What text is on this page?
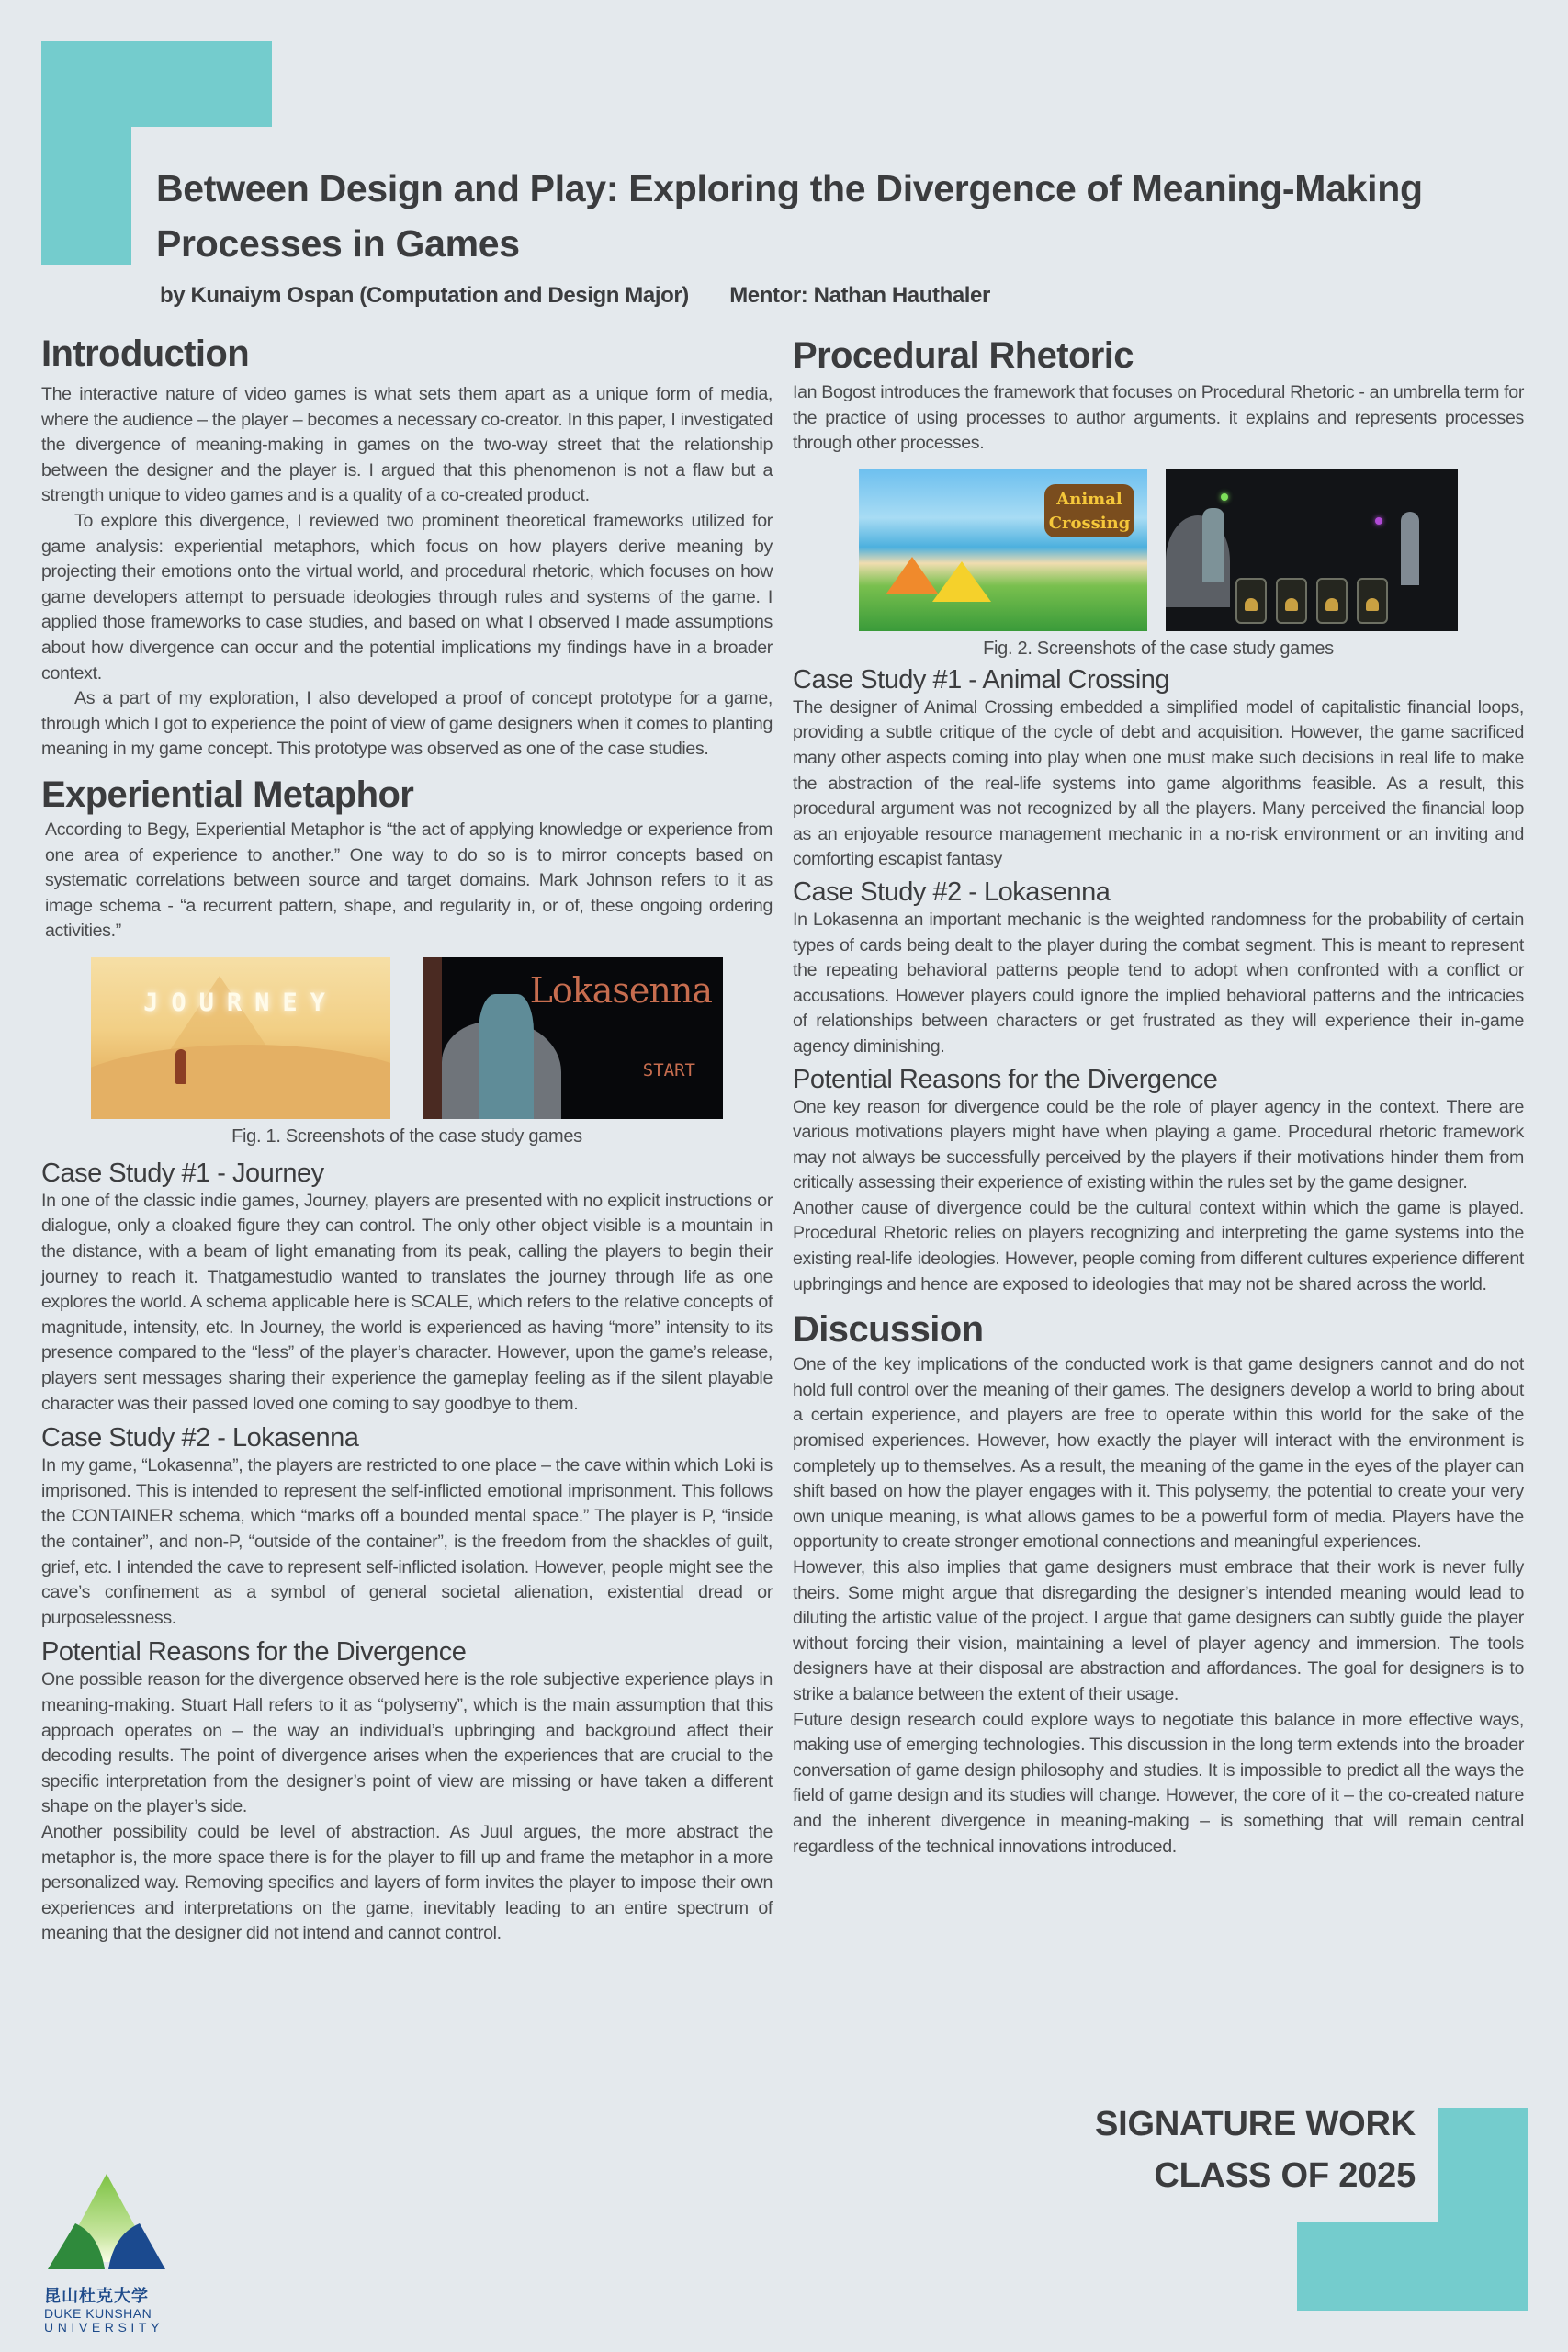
Between Design and Play: Exploring the Divergence of Meaning-Making Processes in Games
by Kunaiym Ospan (Computation and Design Major) Mentor: Nathan Hauthaler
Introduction

The interactive nature of video games is what sets them apart as a unique form of media, where the audience – the player – becomes a necessary co-creator. In this paper, I investigated the divergence of meaning-making in games on the two-way street that the relationship between the designer and the player is. I argued that this phenomenon is not a flaw but a strength unique to video games and is a quality of a co-created product.

To explore this divergence, I reviewed two prominent theoretical frameworks utilized for game analysis: experiential metaphors, which focus on how players derive meaning by projecting their emotions onto the virtual world, and procedural rhetoric, which focuses on how game developers attempt to persuade ideologies through rules and systems of the game. I applied those frameworks to case studies, and based on what I observed I made assumptions about how divergence can occur and the potential implications my findings have in a broader context.

As a part of my exploration, I also developed a proof of concept prototype for a game, through which I got to experience the point of view of game designers when it comes to planting meaning in my game concept. This prototype was observed as one of the case studies.

Experiential Metaphor

According to Begy, Experiential Metaphor is “the act of applying knowledge or experience from one area of experience to another.” One way to do so is to mirror concepts based on systematic correlations between source and target domains. Mark Johnson refers to it as image schema - “a recurrent pattern, shape, and regularity in, or of, these ongoing ordering activities.”

JOURNEY	Lokasenna
START
Fig. 1. Screenshots of the case study games
Case Study #1 - Journey

In one of the classic indie games, Journey, players are presented with no explicit instructions or dialogue, only a cloaked figure they can control. The only other object visible is a mountain in the distance, with a beam of light emanating from its peak, calling the players to begin their journey to reach it. Thatgamestudio wanted to translates the journey through life as one explores the world. A schema applicable here is SCALE, which refers to the relative concepts of magnitude, intensity, etc. In Journey, the world is experienced as having “more” intensity to its presence compared to the “less” of the player’s character. However, upon the game’s release, players sent messages sharing their experience the gameplay feeling as if the silent playable character was their passed loved one coming to say goodbye to them.

Case Study #2 - Lokasenna

In my game, “Lokasenna”, the players are restricted to one place – the cave within which Loki is imprisoned. This is intended to represent the self-inflicted emotional imprisonment. This follows the CONTAINER schema, which “marks off a bounded mental space.” The player is P, “inside the container”, and non-P, “outside of the container”, is the freedom from the shackles of guilt, grief, etc. I intended the cave to represent self-inflicted isolation. However, people might see the cave’s confinement as a symbol of general societal alienation, existential dread or purposelessness.

Potential Reasons for the Divergence

One possible reason for the divergence observed here is the role subjective experience plays in meaning-making. Stuart Hall refers to it as “polysemy”, which is the main assumption that this approach operates on – the way an individual’s upbringing and background affect their decoding results. The point of divergence arises when the experiences that are crucial to the specific interpretation from the designer’s point of view are missing or have taken a different shape on the player’s side.

Another possibility could be level of abstraction. As Juul argues, the more abstract the metaphor is, the more space there is for the player to fill up and frame the metaphor in a more personalized way. Removing specifics and layers of form invites the player to impose their own experiences and interpretations on the game, inevitably leading to an entire spectrum of meaning that the designer did not intend and cannot control.

Procedural Rhetoric

Ian Bogost introduces the framework that focuses on Procedural Rhetoric - an umbrella term for the practice of using processes to author arguments. it explains and represents processes through other processes.

Animal Crossing
Fig. 2. Screenshots of the case study games
Case Study #1 - Animal Crossing

The designer of Animal Crossing embedded a simplified model of capitalistic financial loops, providing a subtle critique of the cycle of debt and acquisition. However, the game sacrificed many other aspects coming into play when one must make such decisions in real life to make the abstraction of the real-life systems into game algorithms feasible. As a result, this procedural argument was not recognized by all the players. Many perceived the financial loop as an enjoyable resource management mechanic in a no-risk environment or an inviting and comforting escapist fantasy

Case Study #2 - Lokasenna

In Lokasenna an important mechanic is the weighted randomness for the probability of certain types of cards being dealt to the player during the combat segment. This is meant to represent the repeating behavioral patterns people tend to adopt when confronted with a conflict or accusations. However players could ignore the implied behavioral patterns and the intricacies of relationships between characters or get frustrated as they will experience their in-game agency diminishing.

Potential Reasons for the Divergence

One key reason for divergence could be the role of player agency in the context. There are various motivations players might have when playing a game. Procedural rhetoric framework may not always be successfully perceived by the players if their motivations hinder them from critically assessing their experience of existing within the rules set by the game designer.

Another cause of divergence could be the cultural context within which the game is played. Procedural Rhetoric relies on players recognizing and interpreting the game systems into the existing real-life ideologies. However, people coming from different cultures experience different upbringings and hence are exposed to ideologies that may not be shared across the world.

Discussion

One of the key implications of the conducted work is that game designers cannot and do not hold full control over the meaning of their games. The designers develop a world to bring about a certain experience, and players are free to operate within this world for the sake of the promised experiences. However, how exactly the player will interact with the environment is completely up to themselves. As a result, the meaning of the game in the eyes of the player can shift based on how the player engages with it. This polysemy, the potential to create your very own unique meaning, is what allows games to be a powerful form of media. Players have the opportunity to create stronger emotional connections and meaningful experiences.

However, this also implies that game designers must embrace that their work is never fully theirs. Some might argue that disregarding the designer’s intended meaning would lead to diluting the artistic value of the project. I argue that game designers can subtly guide the player without forcing their vision, maintaining a level of player agency and immersion. The tools designers have at their disposal are abstraction and affordances. The goal for designers is to strike a balance between the extent of their usage.

Future design research could explore ways to negotiate this balance in more effective ways, making use of emerging technologies. This discussion in the long term extends into the broader conversation of game design philosophy and studies. It is impossible to predict all the ways the field of game design and its studies will change. However, the core of it – the co-created nature and the inherent divergence in meaning-making – is something that will remain central regardless of the technical innovations introduced.

SIGNATURE WORK
CLASS OF 2025
昆山杜克大学
DUKE KUNSHAN
UNIVERSITY
